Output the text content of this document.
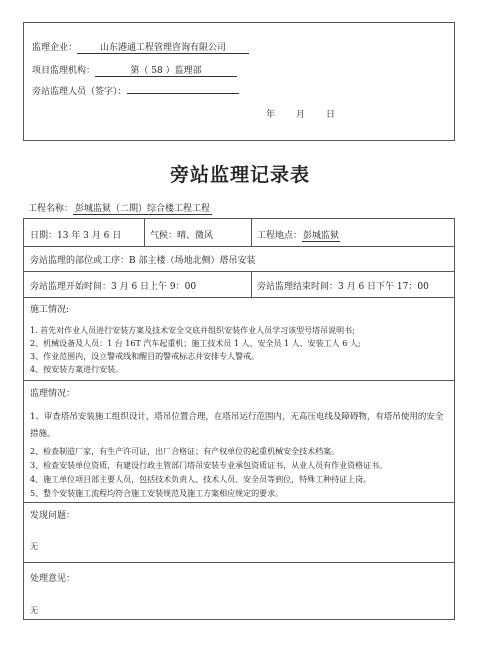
监理企业：	山东港通工程管理咨询有限公司
项目监理机构：	第（ 58 ）监理部
旁站监理人员（签字）：
年 月 日
旁站监理记录表
工程名称： 彭城监狱（二期）综合楼工程工程
日期：13 年 3 月 6 日	气候：晴、微风	工程地点：彭城监狱
旁站监理的部位或工序：B 部主楼（场地北侧）塔吊安装
旁站监理开始时间：3 月 6 日上午 9：00	旁站监理结束时间：3 月 6 日下午 17：00
施工情况:
1. 首先对作业人员进行安装方案及技术安全交底并组织安装作业人员学习该型号塔吊说明书;
2、机械设备及人员：1 台 16T 汽车起重机；施工技术员 1 人、安全员 1 人、安装工人 6 人;
3、作业范围内，设立警戒线和醒目的警戒标志并安排专人警戒。
4、按安装方案进行安装。
监理情况：
1、审查塔吊安装施工组织设计，塔吊位置合理，在塔吊运行范围内，无高压电线及障碍物，有塔吊使用的安全措施。
2、检查制造厂家，有生产许可证，出厂合格证；有产权单位的起重机械安全技术档案。
3、检查安装单位资质，有建设行政主管部门塔吊安装专业承包资质证书，从业人员有作业资格证书。
4、施工单位项目部主要人员，包括技术负责人、技术人员、安全员等到位，特殊工种持证上岗。
5、整个安装施工流程均符合施工安装规范及施工方案相应规定的要求。
发现问题：
无
处理意见：
无
